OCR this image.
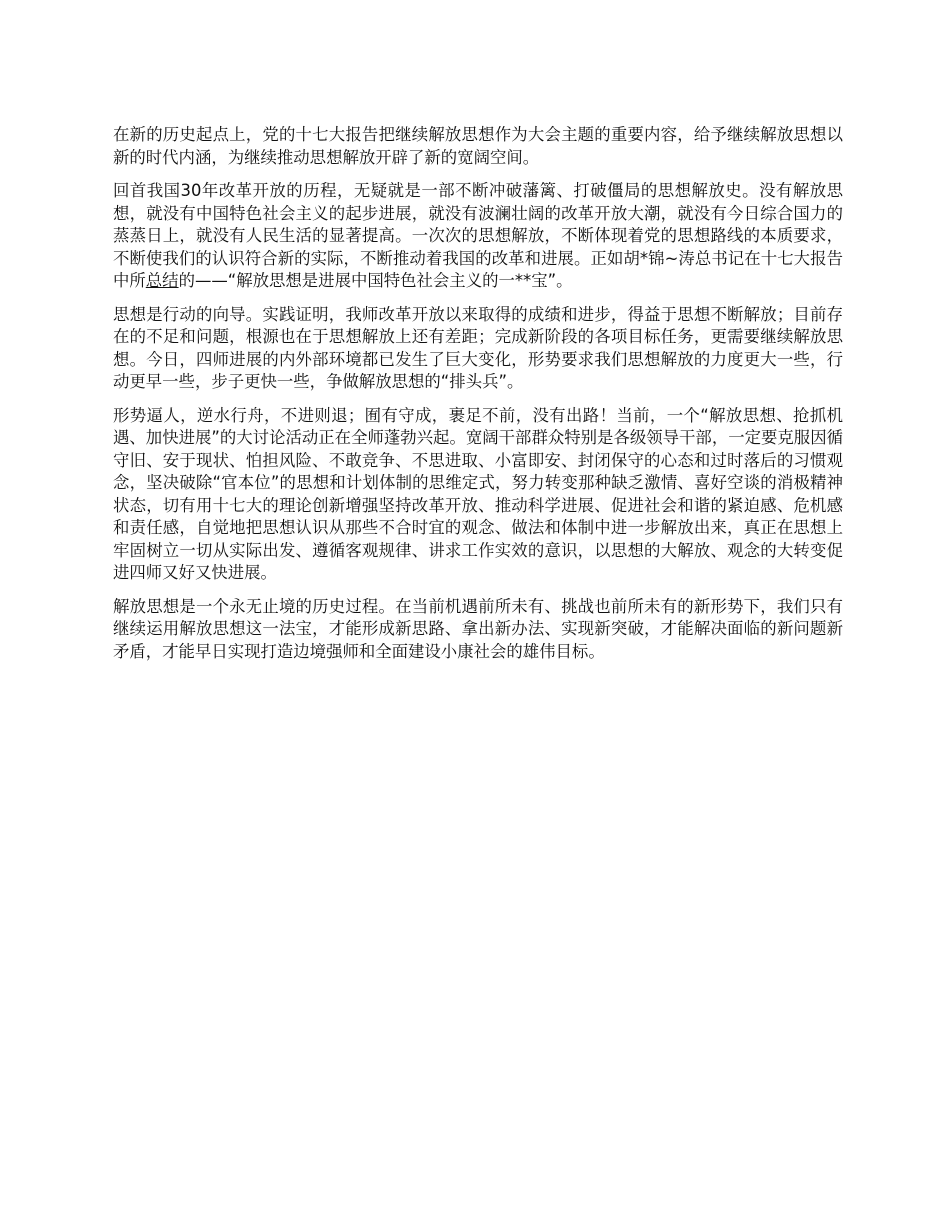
在新的历史起点上，党的十七大报告把继续解放思想作为大会主题的重要内容，给予继续解放思想以新的时代内涵，为继续推动思想解放开辟了新的宽阔空间。

回首我国30年改革开放的历程，无疑就是一部不断冲破藩篱、打破僵局的思想解放史。没有解放思想，就没有中国特色社会主义的起步进展，就没有波澜壮阔的改革开放大潮，就没有今日综合国力的蒸蒸日上，就没有人民生活的显著提高。一次次的思想解放，不断体现着党的思想路线的本质要求，不断使我们的认识符合新的实际，不断推动着我国的改革和进展。正如胡*锦~涛总书记在十七大报告中所总结的——“解放思想是进展中国特色社会主义的一**宝”。

思想是行动的向导。实践证明，我师改革开放以来取得的成绩和进步，得益于思想不断解放；目前存在的不足和问题，根源也在于思想解放上还有差距；完成新阶段的各项目标任务，更需要继续解放思想。今日，四师进展的内外部环境都已发生了巨大变化，形势要求我们思想解放的力度更大一些，行动更早一些，步子更快一些，争做解放思想的“排头兵”。

形势逼人，逆水行舟，不进则退；囿有守成，裹足不前，没有出路！当前，一个“解放思想、抢抓机遇、加快进展”的大讨论活动正在全师蓬勃兴起。宽阔干部群众特别是各级领导干部，一定要克服因循守旧、安于现状、怕担风险、不敢竞争、不思进取、小富即安、封闭保守的心态和过时落后的习惯观念，坚决破除“官本位”的思想和计划体制的思维定式，努力转变那种缺乏激情、喜好空谈的消极精神状态，切有用十七大的理论创新增强坚持改革开放、推动科学进展、促进社会和谐的紧迫感、危机感和责任感，自觉地把思想认识从那些不合时宜的观念、做法和体制中进一步解放出来，真正在思想上牢固树立一切从实际出发、遵循客观规律、讲求工作实效的意识，以思想的大解放、观念的大转变促进四师又好又快进展。

解放思想是一个永无止境的历史过程。在当前机遇前所未有、挑战也前所未有的新形势下，我们只有继续运用解放思想这一法宝，才能形成新思路、拿出新办法、实现新突破，才能解决面临的新问题新矛盾，才能早日实现打造边境强师和全面建设小康社会的雄伟目标。
